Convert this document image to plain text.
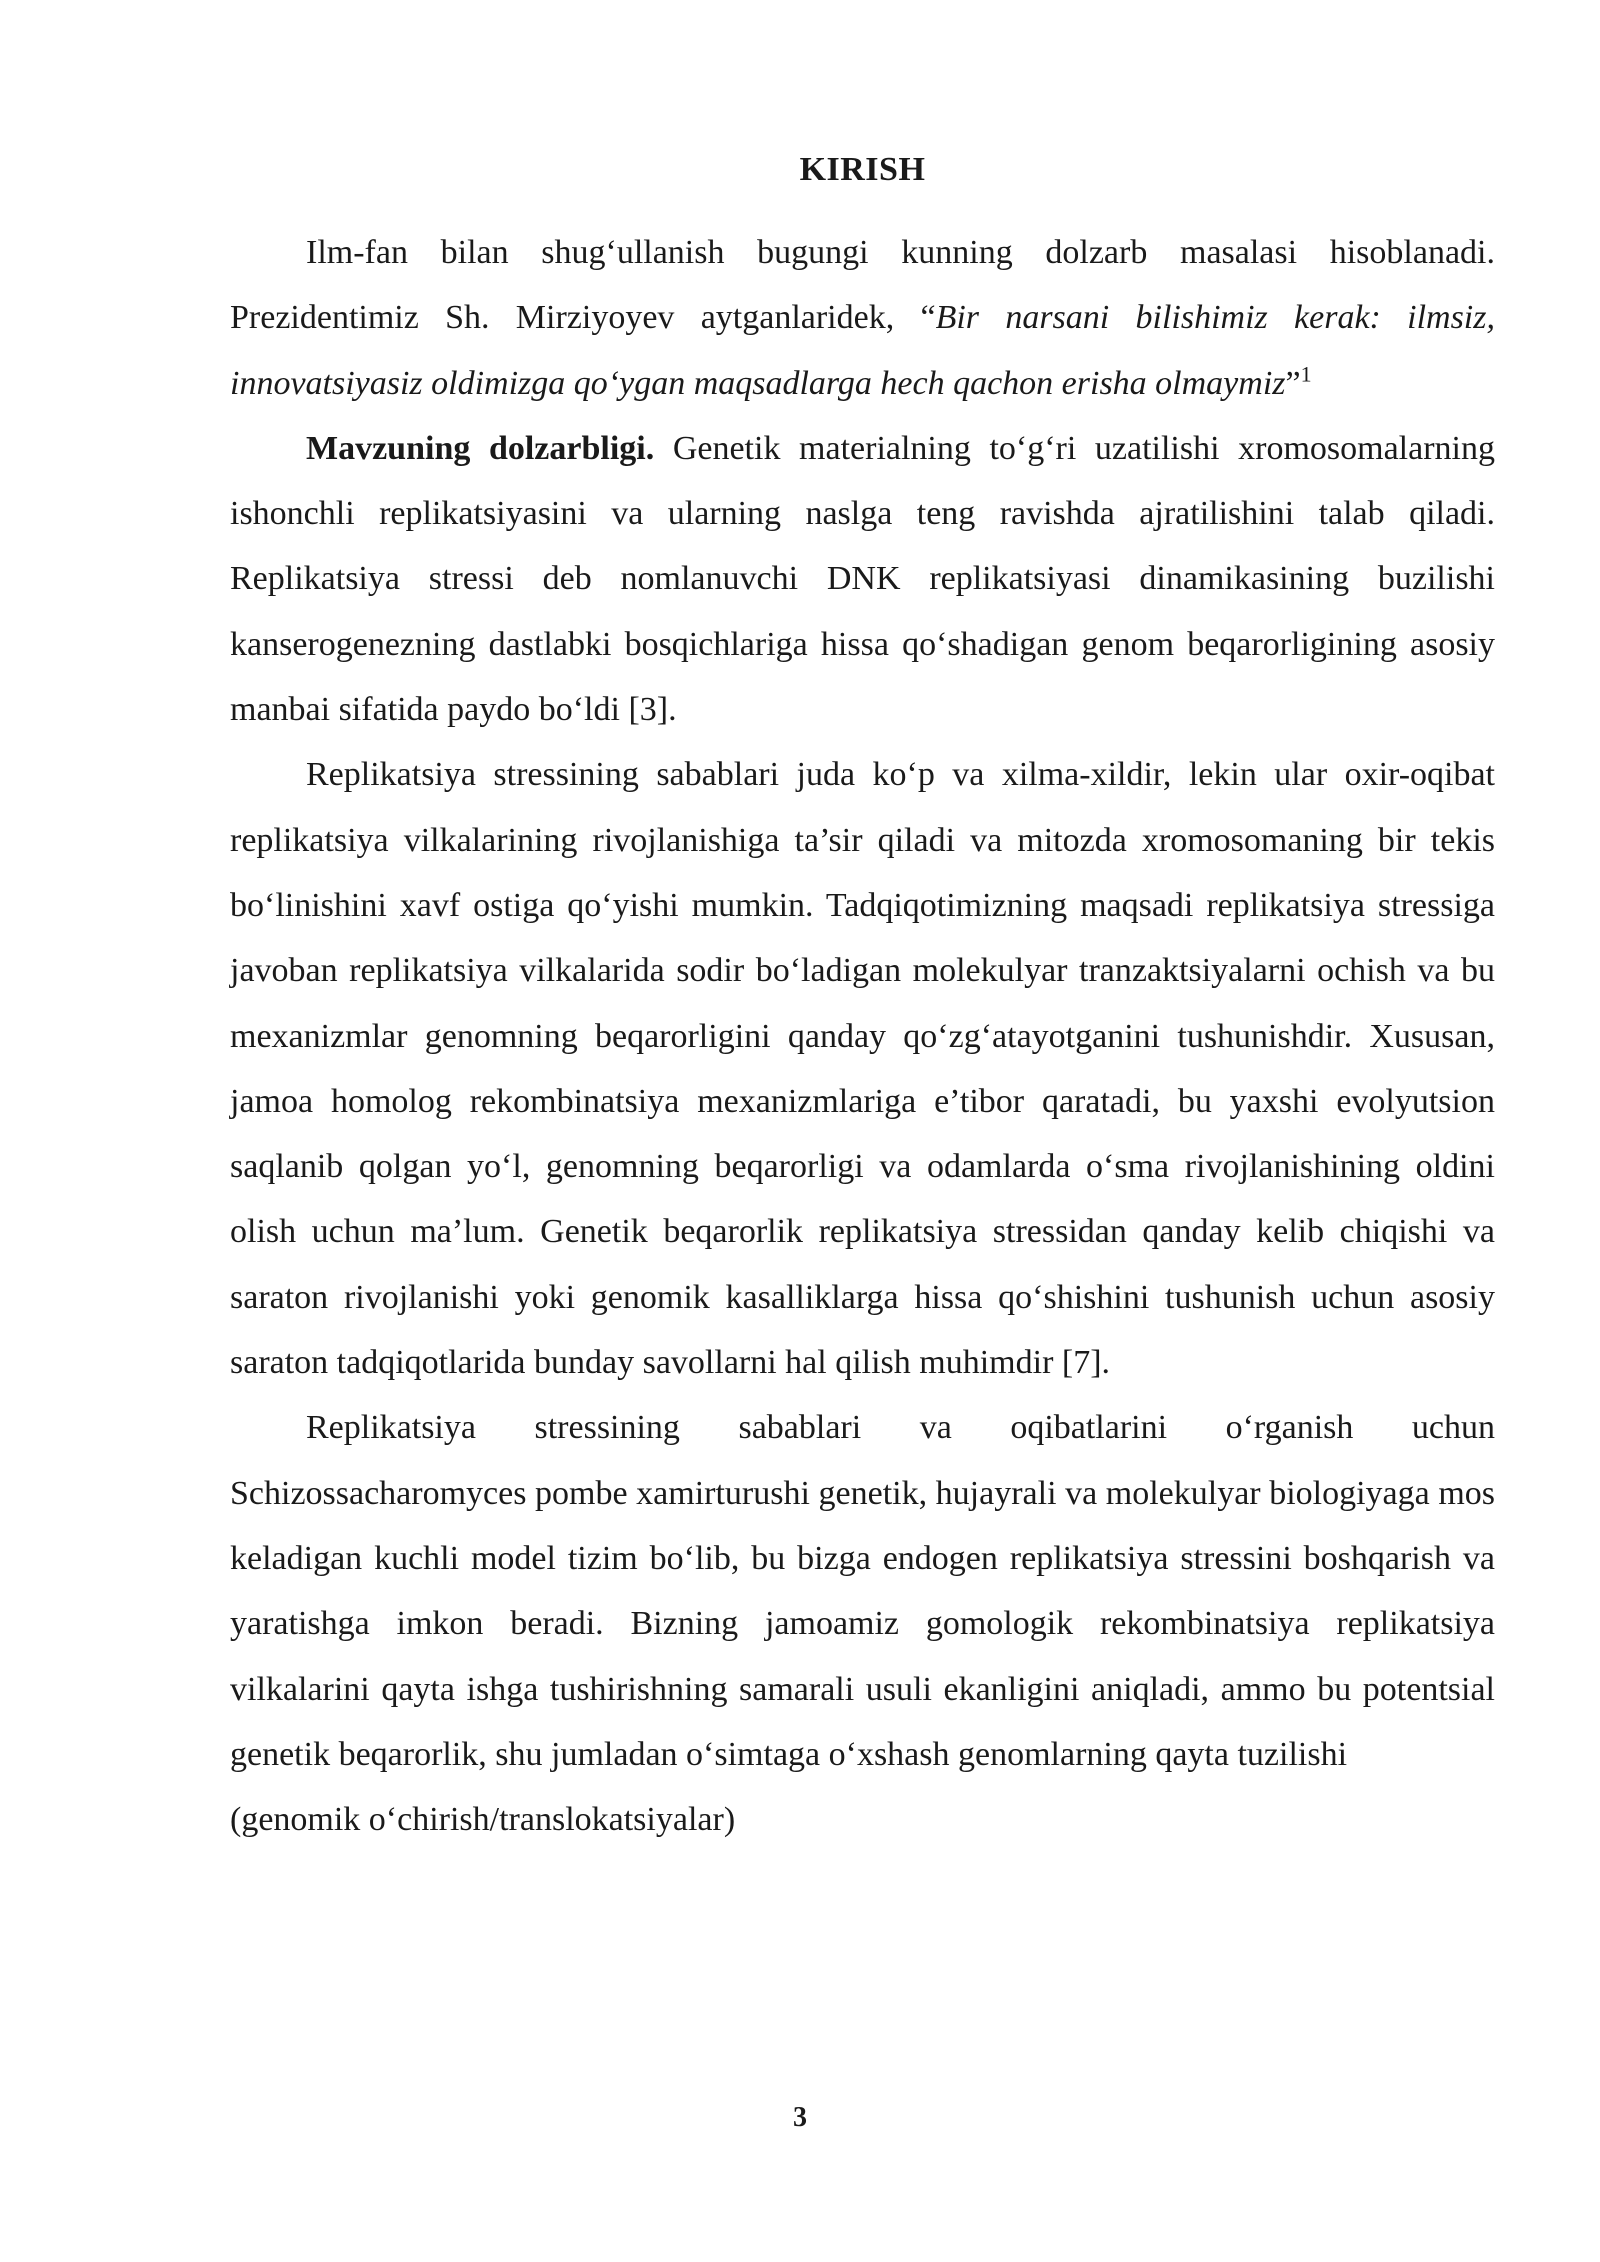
KIRISH

Ilm-fan bilan shug‘ullanish bugungi kunning dolzarb masalasi hisoblanadi. Prezidentimiz Sh. Mirziyoyev aytganlaridek, “Bir narsani bilishimiz kerak: ilmsiz, innovatsiyasiz oldimizga qo‘ygan maqsadlarga hech qachon erisha olmaymiz”$^1$

Mavzuning dolzarbligi. Genetik materialning to‘g‘ri uzatilishi xromosomalarning ishonchli replikatsiyasini va ularning naslga teng ravishda ajratilishini talab qiladi. Replikatsiya stressi deb nomlanuvchi DNK replikatsiyasi dinamikasining buzilishi kanserogenezning dastlabki bosqichlariga hissa qo‘shadigan genom beqarorligining asosiy manbai sifatida paydo bo‘ldi [3].

Replikatsiya stressining sabablari juda ko‘p va xilma-xildir, lekin ular oxir-oqibat replikatsiya vilkalarining rivojlanishiga ta’sir qiladi va mitozda xromosomaning bir tekis bo‘linishini xavf ostiga qo‘yishi mumkin. Tadqiqotimizning maqsadi replikatsiya stressiga javoban replikatsiya vilkalarida sodir bo‘ladigan molekulyar tranzaktsiyalarni ochish va bu mexanizmlar genomning beqarorligini qanday qo‘zg‘atayotganini tushunishdir. Xususan, jamoa homolog rekombinatsiya mexanizmlariga e’tibor qaratadi, bu yaxshi evolyutsion saqlanib qolgan yo‘l, genomning beqarorligi va odamlarda o‘sma rivojlanishining oldini olish uchun ma’lum. Genetik beqarorlik replikatsiya stressidan qanday kelib chiqishi va saraton rivojlanishi yoki genomik kasalliklarga hissa qo‘shishini tushunish uchun asosiy saraton tadqiqotlarida bunday savollarni hal qilish muhimdir [7].

Replikatsiya stressining sabablari va oqibatlarini o‘rganish uchun Schizossacharomyces pombe xamirturushi genetik, hujayrali va molekulyar biologiyaga mos keladigan kuchli model tizim bo‘lib, bu bizga endogen replikatsiya stressini boshqarish va yaratishga imkon beradi. Bizning jamoamiz gomologik rekombinatsiya replikatsiya vilkalarini qayta ishga tushirishning samarali usuli ekanligini aniqladi, ammo bu potentsial genetik beqarorlik, shu jumladan o‘simtaga o‘xshash genomlarning qayta tuzilishi

(genomik o‘chirish/translokatsiyalar)

3
